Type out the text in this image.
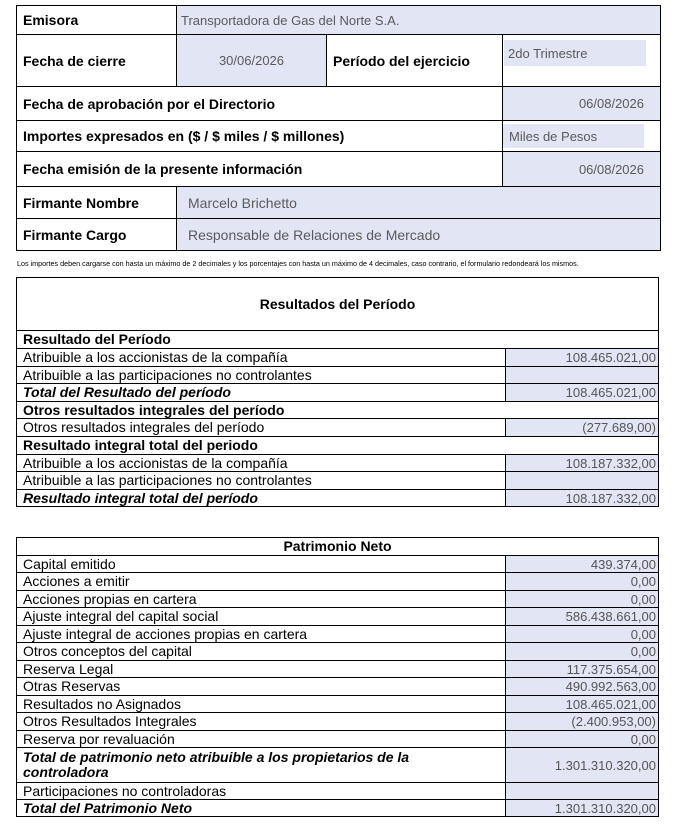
Emisora	Transportadora de Gas del Norte S.A.		
Fecha de cierre	30/06/2026	Período del ejercicio	2do Trimestre

Fecha de aprobación por el Directorio			06/08/2026
Importes expresados en ($ / $ miles / $ millones)			Miles de Pesos

Fecha emisión de la presente información			06/08/2026
Firmante Nombre	Marcelo Brichetto		
Firmante Cargo	Responsable de Relaciones de Mercado		
Los importes deben cargarse con hasta un máximo de 2 decimales y los porcentajes con hasta un máximo de 4 decimales, caso contrario, el formulario redondeará los mismos.
Resultados del Período
Resultado del Período
Atribuible a los accionistas de la compañía	108.465.021,00
Atribuible a las participaciones no controlantes
Total del Resultado del período	108.465.021,00
Otros resultados integrales del período
Otros resultados integrales del período	(277.689,00)
Resultado integral total del periodo
Atribuible a los accionistas de la compañía	108.187.332,00
Atribuible a las participaciones no controlantes
Resultado integral total del período	108.187.332,00
Patrimonio Neto
Capital emitido	439.374,00
Acciones a emitir	0,00
Acciones propias en cartera	0,00
Ajuste integral del capital social	586.438.661,00
Ajuste integral de acciones propias en cartera	0,00
Otros conceptos del capital	0,00
Reserva Legal	117.375.654,00
Otras Reservas	490.992.563,00
Resultados no Asignados	108.465.021,00
Otros Resultados Integrales	(2.400.953,00)
Reserva por revaluación	0,00
Total de patrimonio neto atribuible a los propietarios de la controladora	1.301.310.320,00
Participaciones no controladoras
Total del Patrimonio Neto	1.301.310.320,00
